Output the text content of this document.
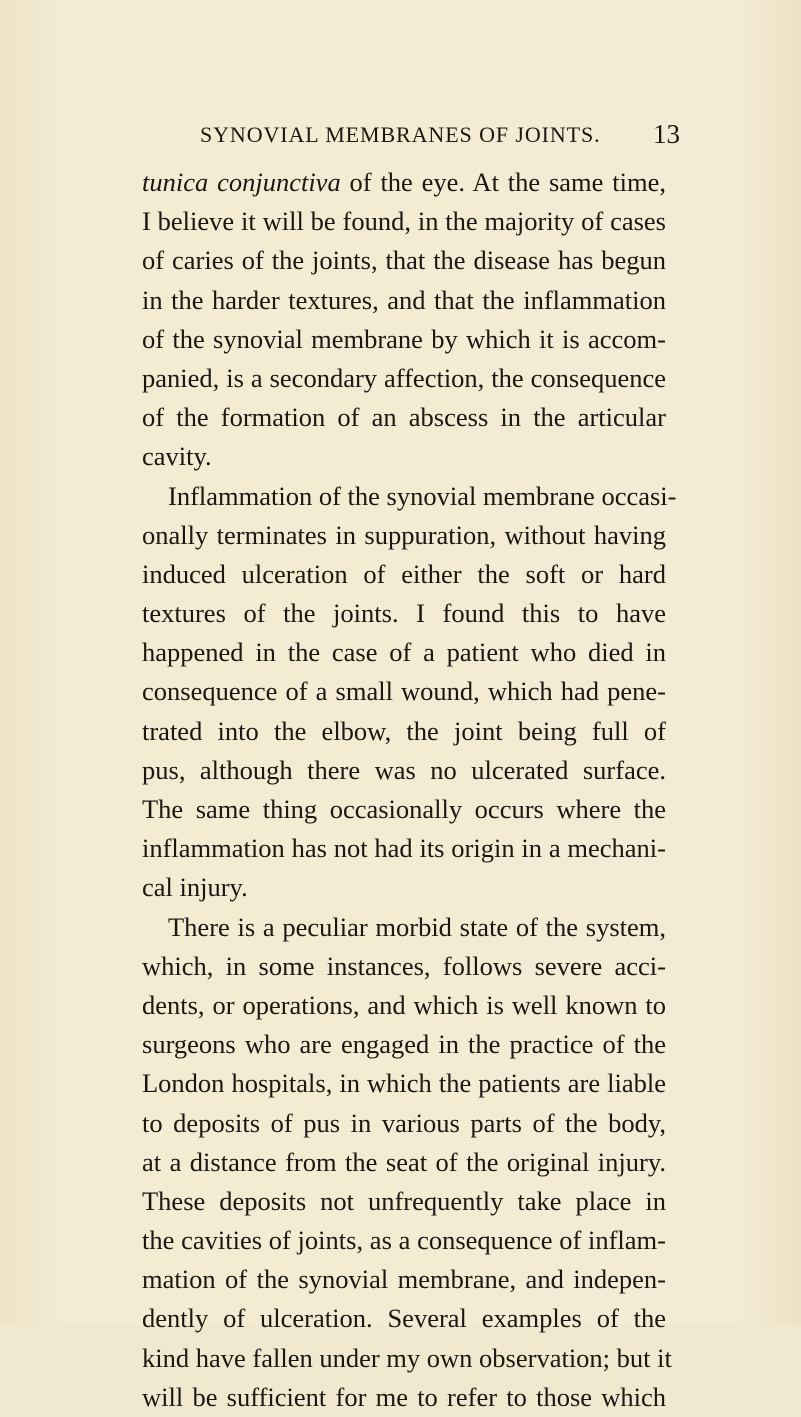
SYNOVIAL MEMBRANES OF JOINTS. 13
tunica conjunctiva of the eye. At the same time,
I believe it will be found, in the majority of cases
of caries of the joints, that the disease has begun
in the harder textures, and that the inflammation
of the synovial membrane by which it is accom-
panied, is a secondary affection, the consequence
of the formation of an abscess in the articular
cavity.
Inflammation of the synovial membrane occasi-
onally terminates in suppuration, without having
induced ulceration of either the soft or hard
textures of the joints. I found this to have
happened in the case of a patient who died in
consequence of a small wound, which had pene-
trated into the elbow, the joint being full of
pus, although there was no ulcerated surface.
The same thing occasionally occurs where the
inflammation has not had its origin in a mechani-
cal injury.
There is a peculiar morbid state of the system,
which, in some instances, follows severe acci-
dents, or operations, and which is well known to
surgeons who are engaged in the practice of the
London hospitals, in which the patients are liable
to deposits of pus in various parts of the body,
at a distance from the seat of the original injury.
These deposits not unfrequently take place in
the cavities of joints, as a consequence of inflam-
mation of the synovial membrane, and indepen-
dently of ulceration. Several examples of the
kind have fallen under my own observation; but it
will be sufficient for me to refer to those which
